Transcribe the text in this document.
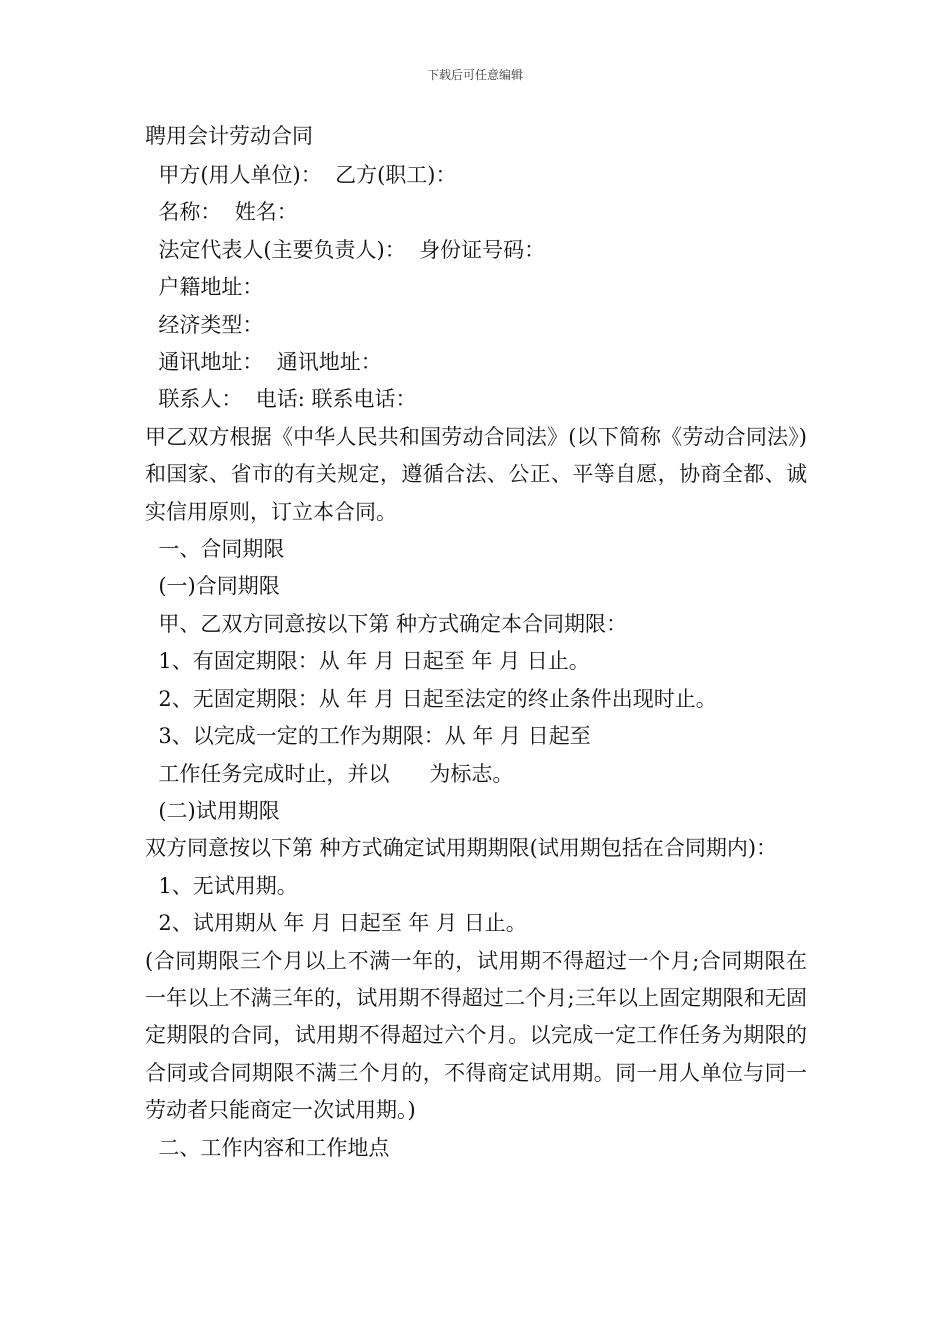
下载后可任意编辑
聘用会计劳动合同
甲方(用人单位)：  乙方(职工)：
名称：  姓名：
法定代表人(主要负责人)：  身份证号码：
户籍地址：
经济类型：
通讯地址：  通讯地址：
联系人：  电话: 联系电话：
甲乙双方根据《中华人民共和国劳动合同法》(以下简称《劳动合同法》)和国家、省市的有关规定，遵循合法、公正、平等自愿，协商全都、诚实信用原则，订立本合同。
一、合同期限
(一)合同期限
甲、乙双方同意按以下第 种方式确定本合同期限：
1、有固定期限：从 年 月 日起至 年 月 日止。
2、无固定期限：从 年 月 日起至法定的终止条件出现时止。
3、以完成一定的工作为期限：从 年 月 日起至
工作任务完成时止，并以      为标志。
(二)试用期限
双方同意按以下第 种方式确定试用期期限(试用期包括在合同期内)：
1、无试用期。
2、试用期从 年 月 日起至 年 月 日止。
(合同期限三个月以上不满一年的，试用期不得超过一个月;合同期限在一年以上不满三年的，试用期不得超过二个月;三年以上固定期限和无固定期限的合同，试用期不得超过六个月。以完成一定工作任务为期限的合同或合同期限不满三个月的，不得商定试用期。同一用人单位与同一劳动者只能商定一次试用期。)
二、工作内容和工作地点
